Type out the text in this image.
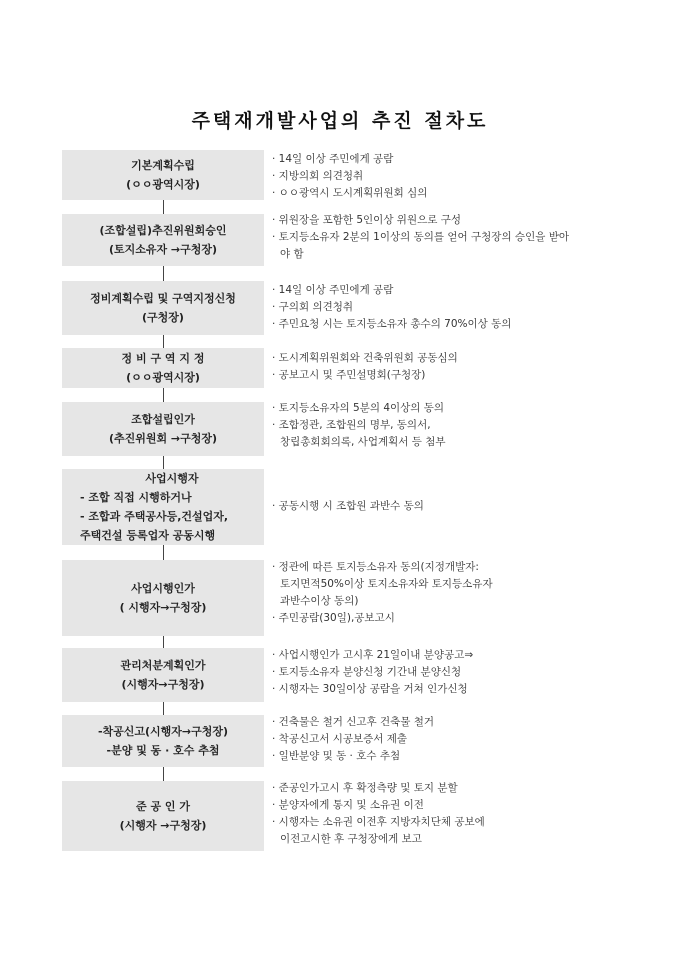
주택재개발사업의 추진 절차도
기본계획수립
(ㅇㅇ광역시장)
· 14일 이상 주민에게 공람
· 지방의회 의견청취
· ㅇㅇ광역시 도시계획위원회 심의
(조합설립)추진위원회승인
(토지소유자 →구청장)
· 위원장을 포함한 5인이상 위원으로 구성
· 토지등소유자 2분의 1이상의 동의를 얻어 구청장의 승인을 받아
야 함
정비계획수립 및 구역지정신청
(구청장)
· 14일 이상 주민에게 공람
· 구의회 의견청취
· 주민요청 시는 토지등소유자 총수의 70%이상 동의
정 비 구 역 지 정
(ㅇㅇ광역시장)
· 도시계획위원회와 건축위원회 공동심의
· 공보고시 및 주민설명회(구청장)
조합설립인가
(추진위원회 →구청장)
· 토지등소유자의 5분의 4이상의 동의
· 조합정관, 조합원의 명부, 동의서,
창립총회회의록, 사업계획서 등 첨부
사업시행자
- 조합 직접 시행하거나
- 조합과 주택공사등,건설업자,
주택건설 등록업자 공동시행
· 공동시행 시 조합원 과반수 동의
사업시행인가
( 시행자→구청장)
· 정관에 따른 토지등소유자 동의(지정개발자:
토지면적50%이상 토지소유자와 토지등소유자
과반수이상 동의)
· 주민공람(30일),공보고시
관리처분계획인가
(시행자→구청장)
· 사업시행인가 고시후 21일이내 분양공고⇒
· 토지등소유자 분양신청 기간내 분양신청
· 시행자는 30일이상 공람을 거쳐 인가신청
-착공신고(시행자→구청장)
-분양 및 동 · 호수 추첨
· 건축물은 철거 신고후 건축물 철거
· 착공신고서 시공보증서 제출
· 일반분양 및 동 · 호수 추첨
준 공 인 가
(시행자 →구청장)
· 준공인가고시 후 확정측량 및 토지 분할
· 분양자에게 통지 및 소유권 이전
· 시행자는 소유권 이전후 지방자치단체 공보에
이전고시한 후 구청장에게 보고
